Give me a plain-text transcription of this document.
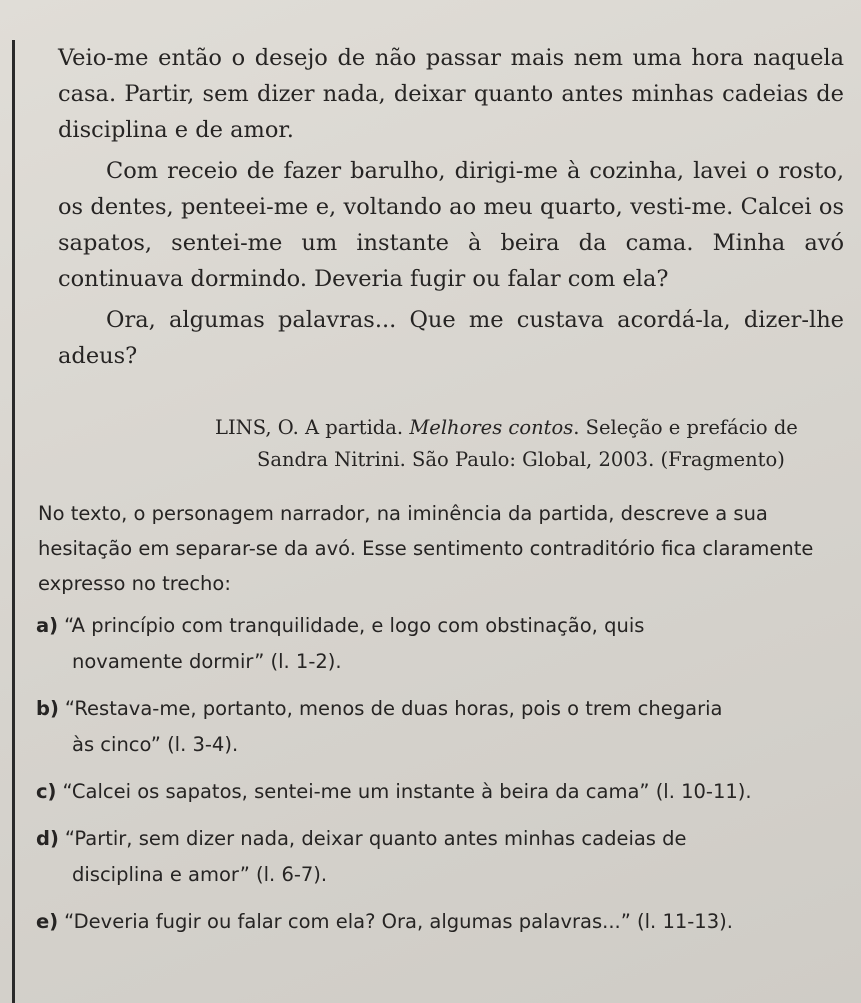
Veio-me então o desejo de não passar mais nem uma hora naquela casa. Partir, sem dizer nada, deixar quanto antes minhas cadeias de disciplina e de amor.

Com receio de fazer barulho, dirigi-me à cozinha, lavei o rosto, os dentes, penteei-me e, voltando ao meu quarto, vesti-me. Calcei os sapatos, sentei-me um instante à beira da cama. Minha avó continuava dormindo. Deveria fugir ou falar com ela?

Ora, algumas palavras... Que me custava acordá-la, dizer-lhe adeus?

LINS, O. A partida. Melhores contos. Seleção e prefácio de
Sandra Nitrini. São Paulo: Global, 2003. (Fragmento)
No texto, o personagem narrador, na iminência da partida, descreve a sua hesitação em separar-se da avó. Esse sentimento contraditório fica claramente expresso no trecho:
a) “A princípio com tranquilidade, e logo com obstinação, quis
novamente dormir” (l. 1-2).
b) “Restava-me, portanto, menos de duas horas, pois o trem chegaria
às cinco” (l. 3-4).
c) “Calcei os sapatos, sentei-me um instante à beira da cama” (l. 10-11).
d) “Partir, sem dizer nada, deixar quanto antes minhas cadeias de
disciplina e amor” (l. 6-7).
e) “Deveria fugir ou falar com ela? Ora, algumas palavras...” (l. 11-13).
